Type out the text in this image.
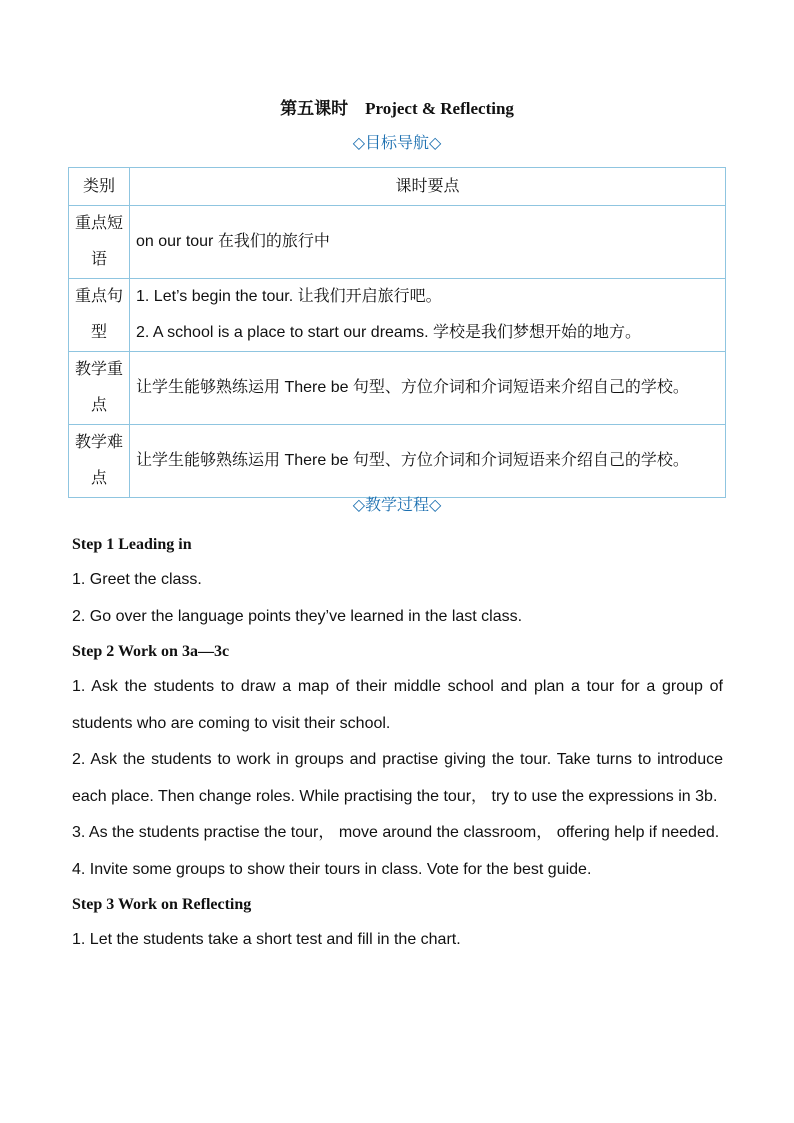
第五课时　Project & Reflecting
◇目标导航◇
类别	课时要点
重点短语	on our tour 在我们的旅行中

重点句型	1. Let’s begin the tour. 让我们开启旅行吧。
2. A school is a place to start our dreams. 学校是我们梦想开始的地方。

教学重点	让学生能够熟练运用 There be 句型、方位介词和介词短语来介绍自己的学校。

教学难点	让学生能够熟练运用 There be 句型、方位介词和介词短语来介绍自己的学校。
◇教学过程◇
Step 1 Leading in
1. Greet the class.
2. Go over the language points they’ve learned in the last class.
Step 2 Work on 3a—3c
1. Ask the students to draw a map of their middle school and plan a tour for a group of students who are coming to visit their school.
2. Ask the students to work in groups and practise giving the tour. Take turns to introduce each place. Then change roles. While practising the tour， try to use the expressions in 3b.
3. As the students practise the tour， move around the classroom， offering help if needed.
4. Invite some groups to show their tours in class. Vote for the best guide.
Step 3 Work on Reflecting
1. Let the students take a short test and fill in the chart.
